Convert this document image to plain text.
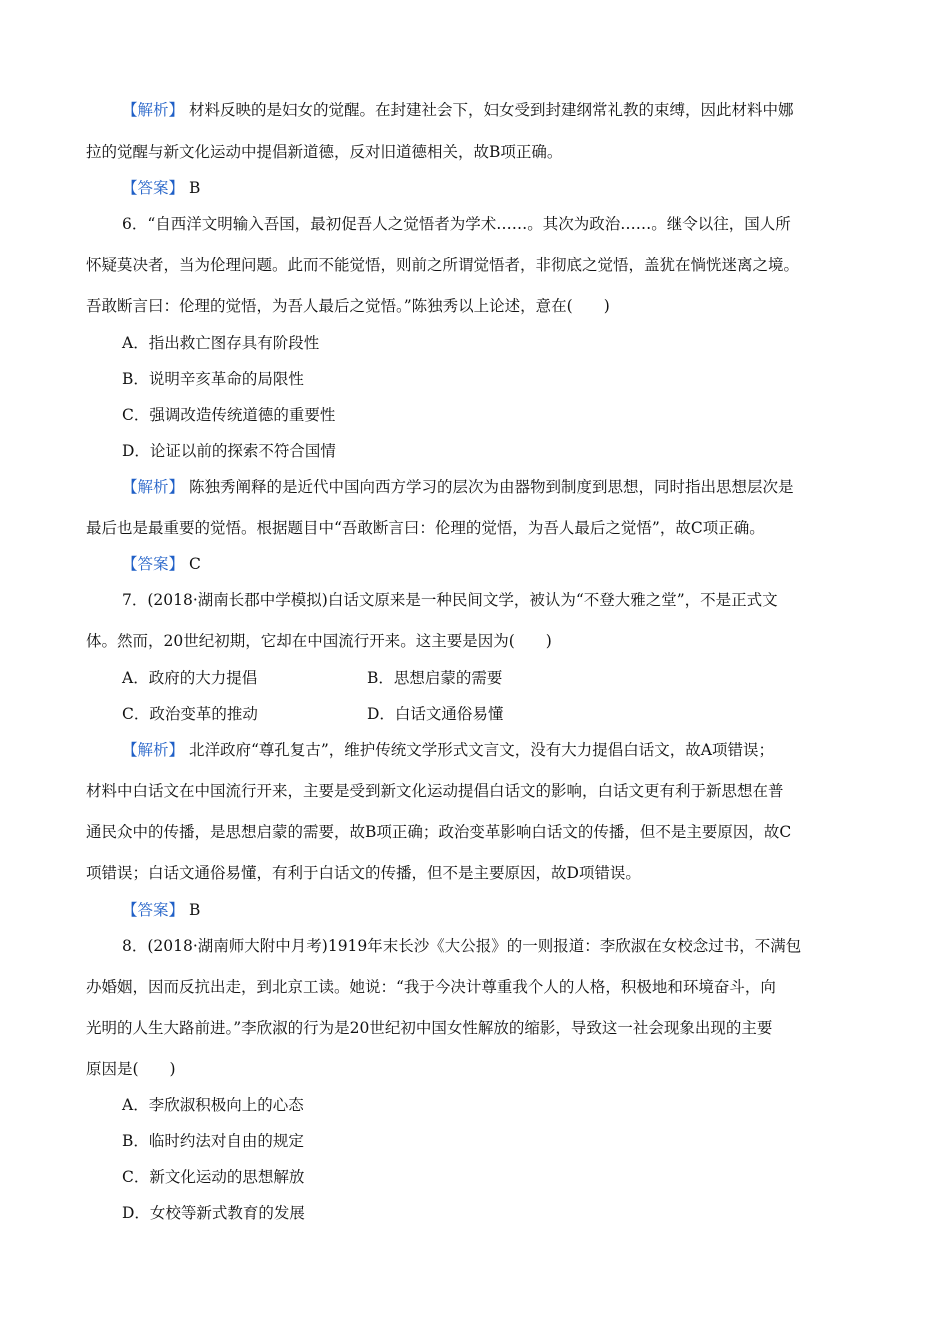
【解析】 材料反映的是妇女的觉醒。在封建社会下，妇女受到封建纲常礼教的束缚，因此材料中娜
拉的觉醒与新文化运动中提倡新道德，反对旧道德相关，故B项正确。
【答案】 B
6．“自西洋文明输入吾国，最初促吾人之觉悟者为学术……。其次为政治……。继令以往，国人所
怀疑莫决者，当为伦理问题。此而不能觉悟，则前之所谓觉悟者，非彻底之觉悟，盖犹在惝恍迷离之境。
吾敢断言曰：伦理的觉悟，为吾人最后之觉悟。”陈独秀以上论述，意在(　　)
A．指出救亡图存具有阶段性
B．说明辛亥革命的局限性
C．强调改造传统道德的重要性
D．论证以前的探索不符合国情
【解析】 陈独秀阐释的是近代中国向西方学习的层次为由器物到制度到思想，同时指出思想层次是
最后也是最重要的觉悟。根据题目中“吾敢断言曰：伦理的觉悟，为吾人最后之觉悟”，故C项正确。
【答案】 C
7．(2018·湖南长郡中学模拟)白话文原来是一种民间文学，被认为“不登大雅之堂”，不是正式文
体。然而，20世纪初期，它却在中国流行开来。这主要是因为(　　)
A．政府的大力提倡	B．思想启蒙的需要
C．政治变革的推动	D．白话文通俗易懂
【解析】 北洋政府“尊孔复古”，维护传统文学形式文言文，没有大力提倡白话文，故A项错误；
材料中白话文在中国流行开来，主要是受到新文化运动提倡白话文的影响，白话文更有利于新思想在普
通民众中的传播，是思想启蒙的需要，故B项正确；政治变革影响白话文的传播，但不是主要原因，故C
项错误；白话文通俗易懂，有利于白话文的传播，但不是主要原因，故D项错误。
【答案】 B
8．(2018·湖南师大附中月考)1919年末长沙《大公报》的一则报道：李欣淑在女校念过书，不满包
办婚姻，因而反抗出走，到北京工读。她说：“我于今决计尊重我个人的人格，积极地和环境奋斗，向
光明的人生大路前进。”李欣淑的行为是20世纪初中国女性解放的缩影，导致这一社会现象出现的主要
原因是(　　)
A．李欣淑积极向上的心态
B．临时约法对自由的规定
C．新文化运动的思想解放
D．女校等新式教育的发展
